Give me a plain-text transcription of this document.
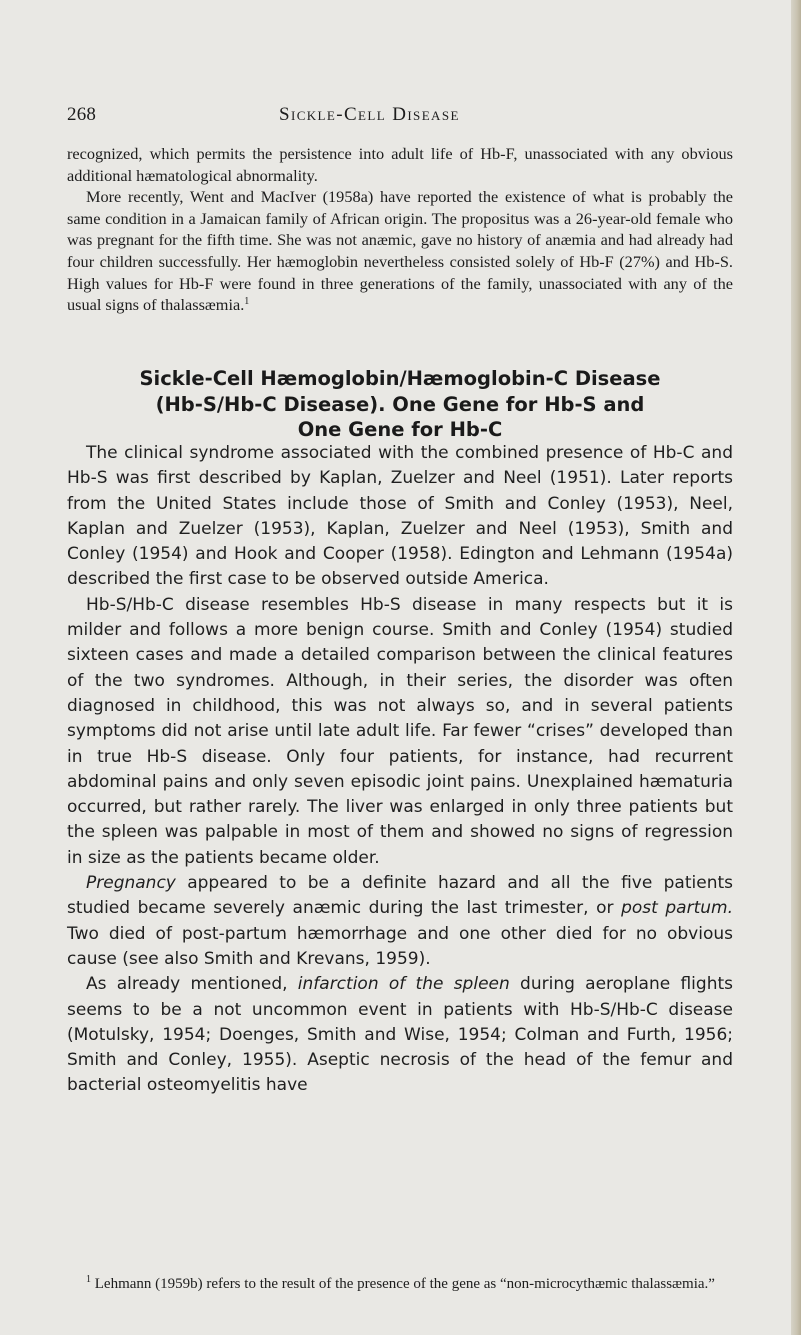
268	Sickle-Cell Disease

recognized, which permits the persistence into adult life of Hb-F, unassociated with any obvious additional hæmatological abnormality.

More recently, Went and MacIver (1958a) have reported the existence of what is probably the same condition in a Jamaican family of African origin. The propositus was a 26-year-old female who was pregnant for the fifth time. She was not anæmic, gave no history of anæmia and had already had four children successfully. Her hæmoglobin nevertheless consisted solely of Hb-F (27%) and Hb-S. High values for Hb-F were found in three generations of the family, unassociated with any of the usual signs of thalassæmia.$^1$

Sickle-Cell Hæmoglobin/Hæmoglobin-C Disease
(Hb-S/Hb-C Disease). One Gene for Hb-S and
One Gene for Hb-C

The clinical syndrome associated with the combined presence of Hb-C and Hb-S was first described by Kaplan, Zuelzer and Neel (1951). Later reports from the United States include those of Smith and Conley (1953), Neel, Kaplan and Zuelzer (1953), Kaplan, Zuelzer and Neel (1953), Smith and Conley (1954) and Hook and Cooper (1958). Edington and Lehmann (1954a) described the first case to be observed outside America.

Hb-S/Hb-C disease resembles Hb-S disease in many respects but it is milder and follows a more benign course. Smith and Conley (1954) studied sixteen cases and made a detailed comparison between the clinical features of the two syndromes. Although, in their series, the disorder was often diagnosed in childhood, this was not always so, and in several patients symptoms did not arise until late adult life. Far fewer “crises” developed than in true Hb-S disease. Only four patients, for instance, had recurrent abdominal pains and only seven episodic joint pains. Unexplained hæmaturia occurred, but rather rarely. The liver was enlarged in only three patients but the spleen was palpable in most of them and showed no signs of regression in size as the patients became older.

Pregnancy appeared to be a definite hazard and all the five patients studied became severely anæmic during the last trimester, or post partum. Two died of post-partum hæmorrhage and one other died for no obvious cause (see also Smith and Krevans, 1959).

As already mentioned, infarction of the spleen during aeroplane flights seems to be a not uncommon event in patients with Hb-S/Hb-C disease (Motulsky, 1954; Doenges, Smith and Wise, 1954; Colman and Furth, 1956; Smith and Conley, 1955). Aseptic necrosis of the head of the femur and bacterial osteomyelitis have

$^1$ Lehmann (1959b) refers to the result of the presence of the gene as “non-microcythæmic thalassæmia.”
